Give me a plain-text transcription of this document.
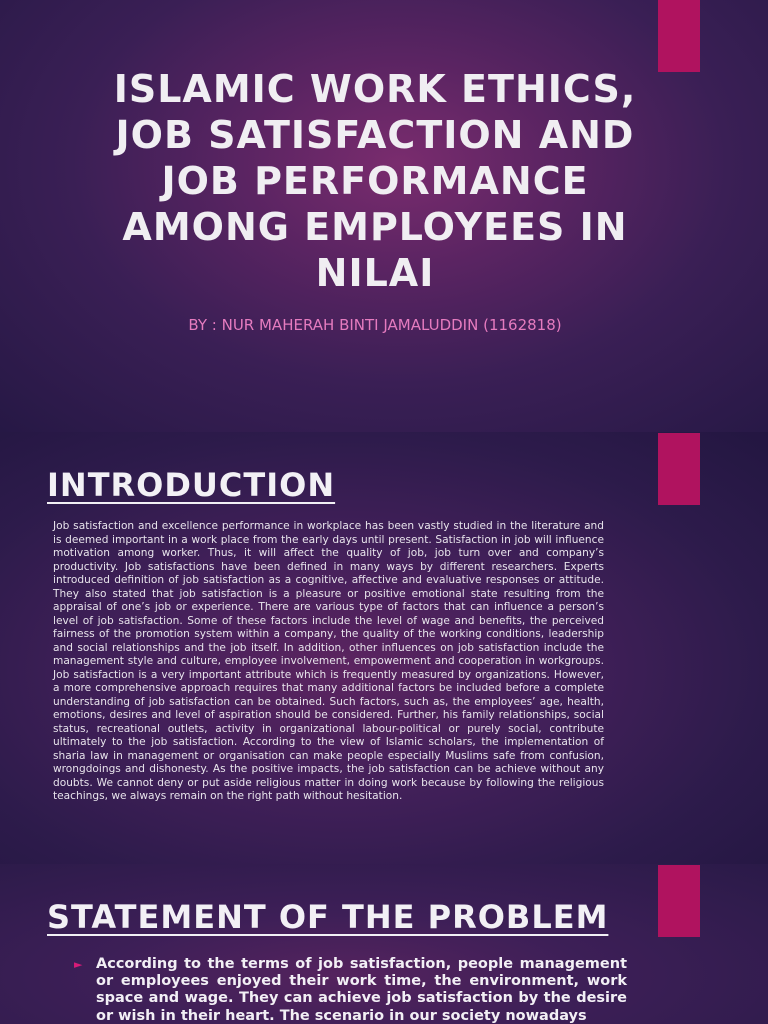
ISLAMIC WORK ETHICS, JOB SATISFACTION AND JOB PERFORMANCE AMONG EMPLOYEES IN NILAI
BY : NUR MAHERAH BINTI JAMALUDDIN (1162818)
INTRODUCTION
Job satisfaction and excellence performance in workplace has been vastly studied in the literature and is deemed important in a work place from the early days until present. Satisfaction in job will influence motivation among worker. Thus, it will affect the quality of job, job turn over and company’s productivity. Job satisfactions have been defined in many ways by different researchers. Experts introduced definition of job satisfaction as a cognitive, affective and evaluative responses or attitude. They also stated that job satisfaction is a pleasure or positive emotional state resulting from the appraisal of one’s job or experience. There are various type of factors that can influence a person’s level of job satisfaction. Some of these factors include the level of wage and benefits, the perceived fairness of the promotion system within a company, the quality of the working conditions, leadership and social relationships and the job itself. In addition, other influences on job satisfaction include the management style and culture, employee involvement, empowerment and cooperation in workgroups. Job satisfaction is a very important attribute which is frequently measured by organizations. However, a more comprehensive approach requires that many additional factors be included before a complete understanding of job satisfaction can be obtained. Such factors, such as, the employees’ age, health, emotions, desires and level of aspiration should be considered. Further, his family relationships, social status, recreational outlets, activity in organizational labour-political or purely social, contribute ultimately to the job satisfaction. According to the view of Islamic scholars, the implementation of sharia law in management or organisation can make people especially Muslims safe from confusion, wrongdoings and dishonesty. As the positive impacts, the job satisfaction can be achieve without any doubts. We cannot deny or put aside religious matter in doing work because by following the religious teachings, we always remain on the right path without hesitation.
STATEMENT OF THE PROBLEM
► According to the terms of job satisfaction, people management or employees enjoyed their work time, the environment, work space and wage. They can achieve job satisfaction by the desire or wish in their heart. The scenario in our society nowadays
